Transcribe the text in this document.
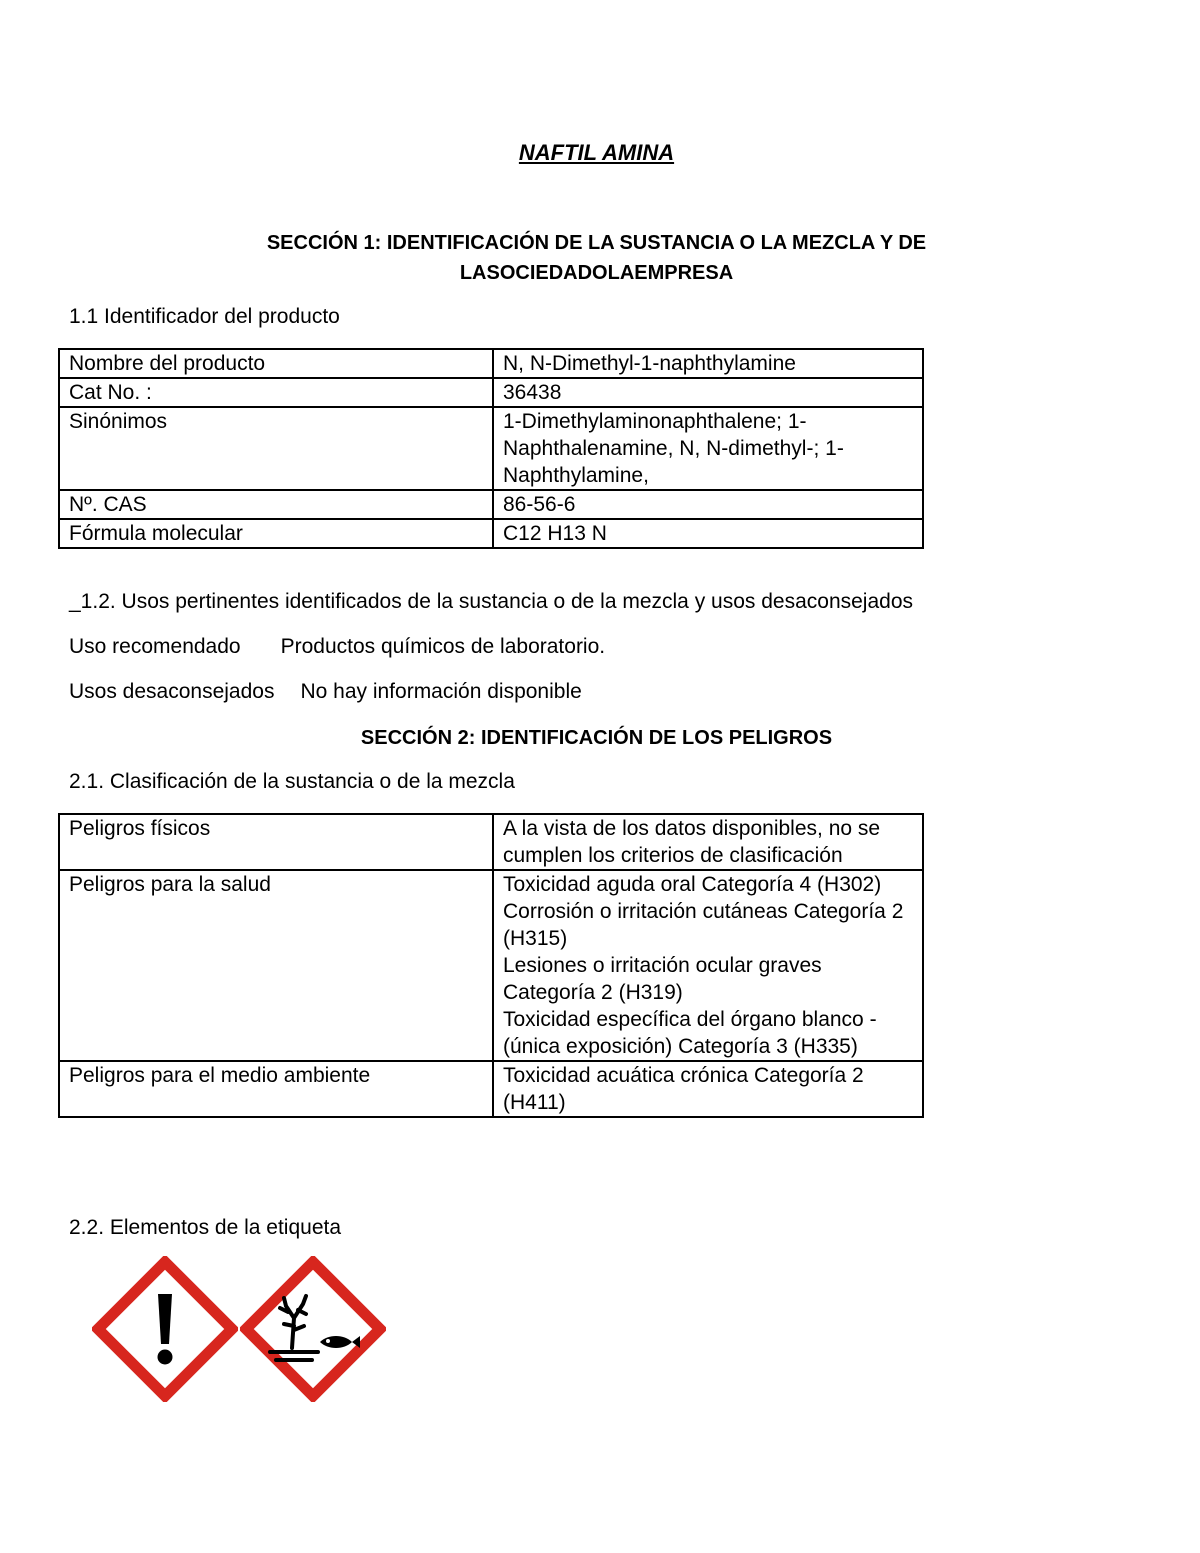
NAFTIL AMINA
SECCIÓN 1: IDENTIFICACIÓN DE LA SUSTANCIA O LA MEZCLA Y DE
LASOCIEDADOLAEMPRESA
1.1 Identificador del producto
Nombre del producto	N, N-Dimethyl-1-naphthylamine
Cat No. :	36438
Sinónimos	1-Dimethylaminonaphthalene; 1-Naphthalenamine, N, N-dimethyl-; 1-Naphthylamine,
Nº. CAS	86-56-6
Fórmula molecular	C12 H13 N
_1.2. Usos pertinentes identificados de la sustancia o de la mezcla y usos desaconsejados
Uso recomendado Productos químicos de laboratorio.
Usos desaconsejados No hay información disponible
SECCIÓN 2: IDENTIFICACIÓN DE LOS PELIGROS
2.1. Clasificación de la sustancia o de la mezcla
Peligros físicos	A la vista de los datos disponibles, no se cumplen los criterios de clasificación
Peligros para la salud	Toxicidad aguda oral Categoría 4 (H302) Corrosión o irritación cutáneas Categoría 2 (H315)
Lesiones o irritación ocular graves Categoría 2 (H319)
Toxicidad específica del órgano blanco - (única exposición) Categoría 3 (H335)

Peligros para el medio ambiente	Toxicidad acuática crónica Categoría 2 (H411)
2.2. Elementos de la etiqueta
